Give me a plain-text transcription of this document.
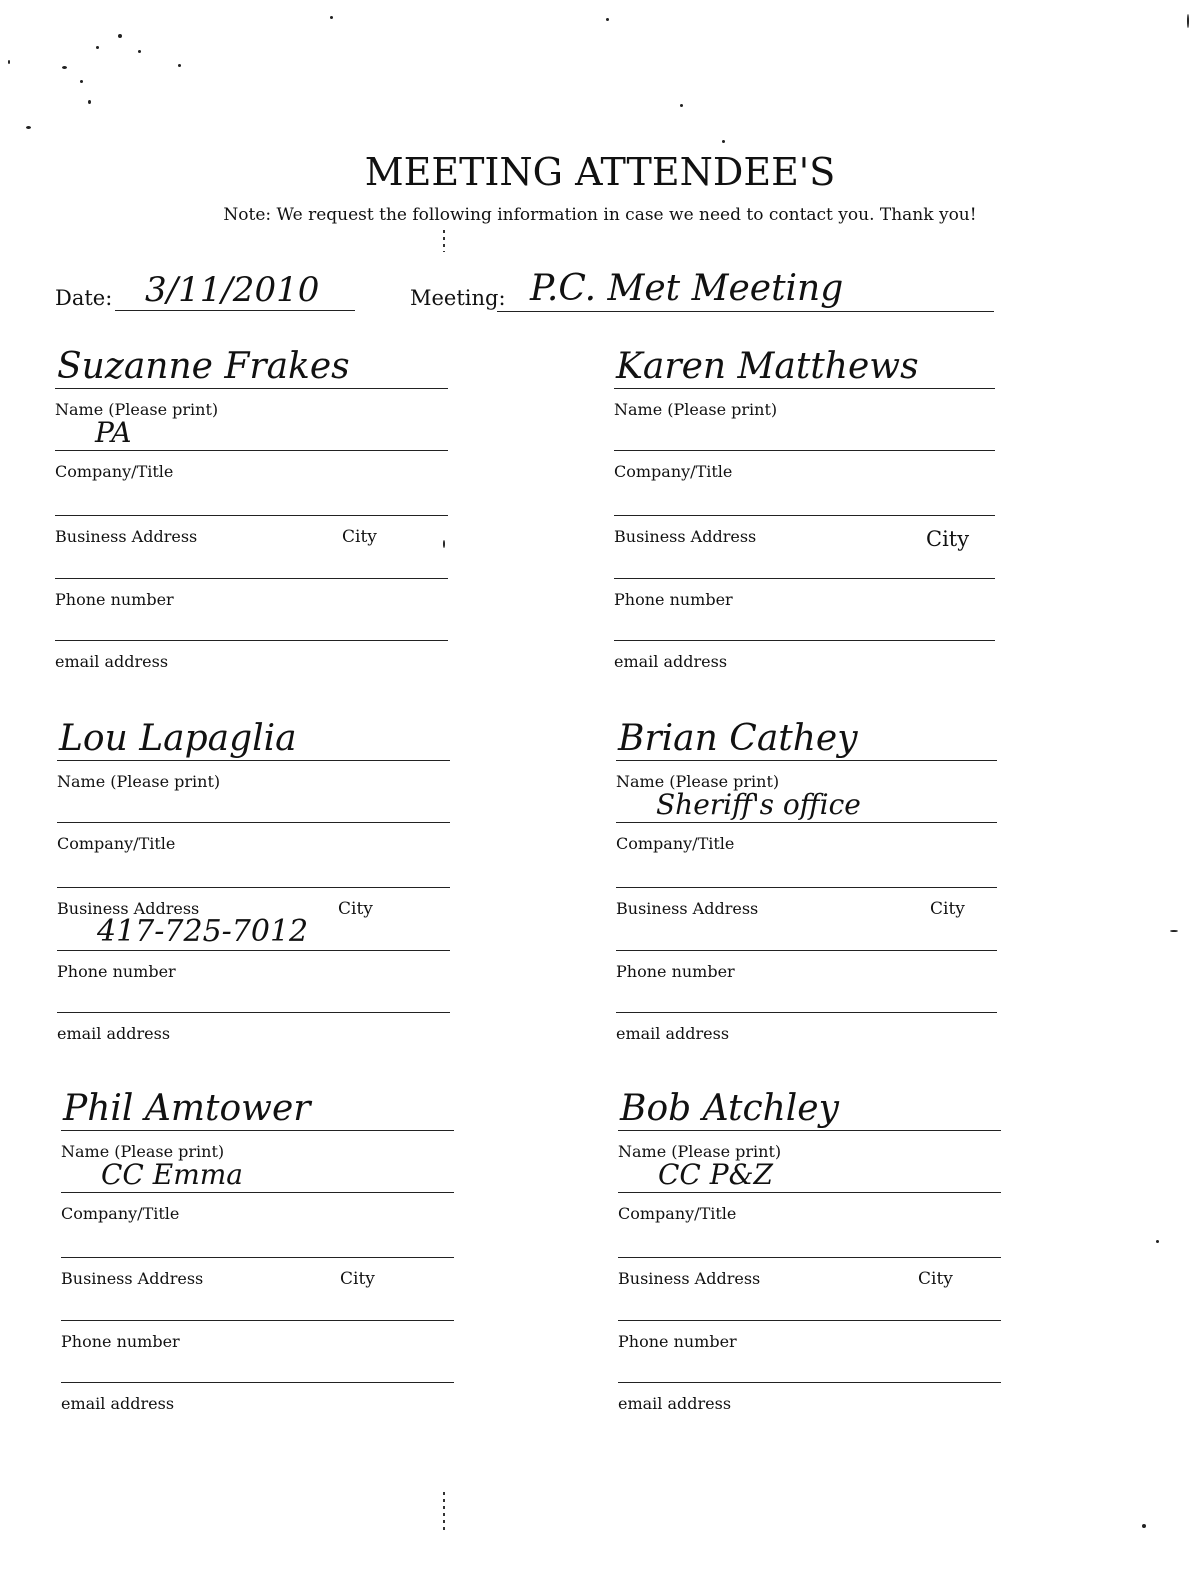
MEETING ATTENDEE'S
Note: We request the following information in case we need to contact you. Thank you!
Date: 3/11/2010	Meeting: P.C. Met Meeting
Name (Please print)
Company/Title
Business Address
Phone number
email address
City
Suzanne Frakes
PA
Name (Please print)
Company/Title
Business Address
Phone number
email address
City
Karen Matthews
Name (Please print)
Company/Title
Business Address
Phone number
email address
City
Lou Lapaglia
417-725-7012
Name (Please print)
Company/Title
Business Address
Phone number
email address
City
Brian Cathey
Sheriff's office
Name (Please print)
Company/Title
Business Address
Phone number
email address
City
Phil Amtower
CC Emma
Name (Please print)
Company/Title
Business Address
Phone number
email address
City
Bob Atchley
CC P&Z
